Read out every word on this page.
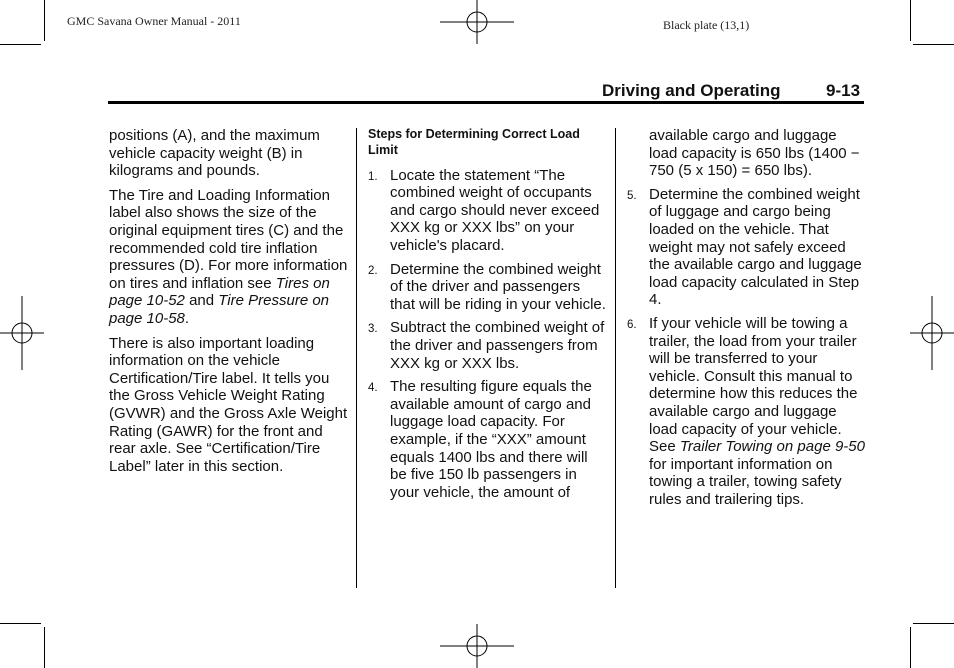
GMC Savana Owner Manual - 2011	Black plate (13,1)
Driving and Operating	9-13

positions (A), and the maximum vehicle capacity weight (B) in kilograms and pounds.

The Tire and Loading Information label also shows the size of the original equipment tires (C) and the recommended cold tire inflation pressures (D). For more information on tires and inflation see Tires on page 10-52 and Tire Pressure on page 10-58.

There is also important loading information on the vehicle Certification/Tire label. It tells you the Gross Vehicle Weight Rating (GVWR) and the Gross Axle Weight Rating (GAWR) for the front and rear axle. See “Certification/Tire Label” later in this section.

Steps for Determining Correct Load Limit

1. Locate the statement “The combined weight of occupants and cargo should never exceed XXX kg or XXX lbs” on your vehicle's placard.

2. Determine the combined weight of the driver and passengers that will be riding in your vehicle.

3. Subtract the combined weight of the driver and passengers from XXX kg or XXX lbs.

4. The resulting figure equals the available amount of cargo and luggage load capacity. For example, if the “XXX” amount equals 1400 lbs and there will be five 150 lb passengers in your vehicle, the amount of

available cargo and luggage load capacity is 650 lbs (1400 − 750 (5 x 150) = 650 lbs).

5. Determine the combined weight of luggage and cargo being loaded on the vehicle. That weight may not safely exceed the available cargo and luggage load capacity calculated in Step 4.

6. If your vehicle will be towing a trailer, the load from your trailer will be transferred to your vehicle. Consult this manual to determine how this reduces the available cargo and luggage load capacity of your vehicle. See Trailer Towing on page 9-50 for important information on towing a trailer, towing safety rules and trailering tips.
